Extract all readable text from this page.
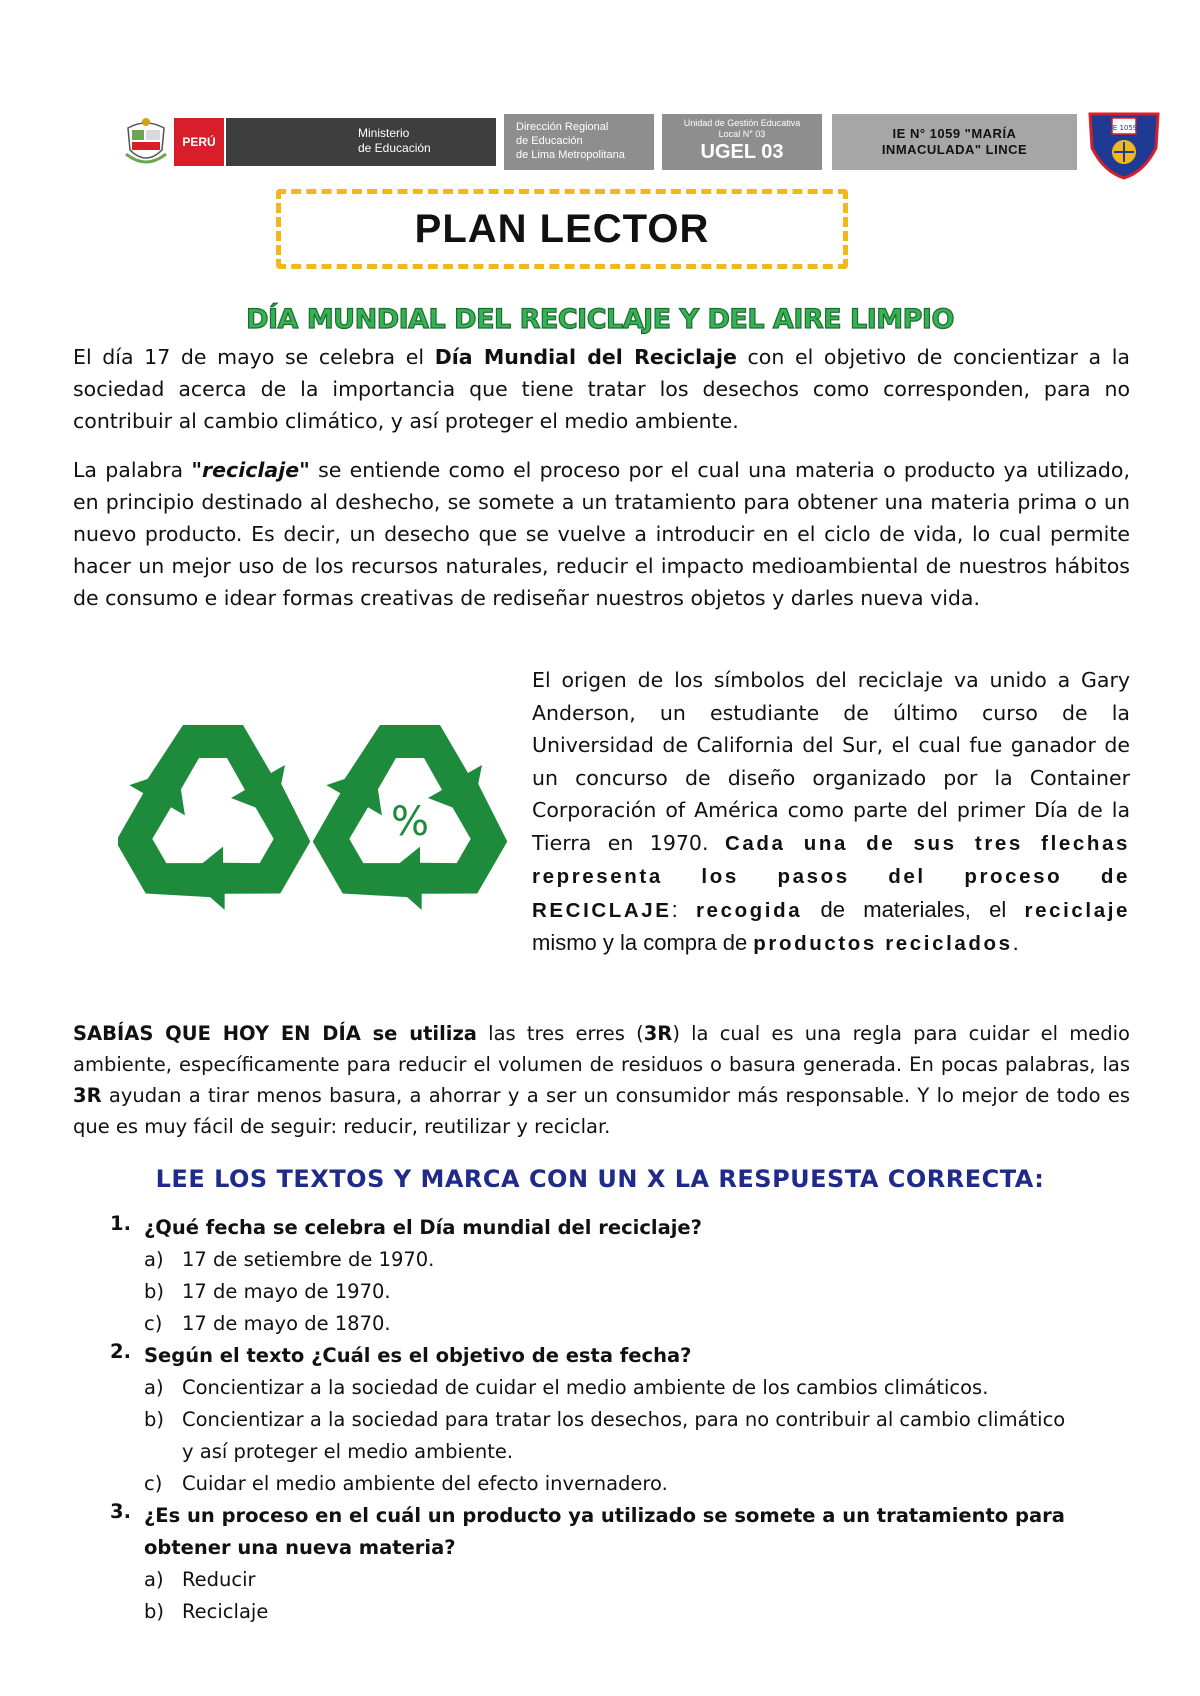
PERÚ
Ministerio
de Educación
Dirección Regional
de Educación
de Lima Metropolitana
Unidad de Gestión Educativa
Local N° 03
UGEL 03
IE N° 1059 "MARÍA
INMACULADA" LINCE
IE 1059
PLAN LECTOR
DÍA MUNDIAL DEL RECICLAJE Y DEL AIRE LIMPIO
El día 17 de mayo se celebra el Día Mundial del Reciclaje con el objetivo de concientizar a la sociedad acerca de la importancia que tiene tratar los desechos como corresponden, para no contribuir al cambio climático, y así proteger el medio ambiente.
La palabra "reciclaje" se entiende como el proceso por el cual una materia o producto ya utilizado, en principio destinado al deshecho, se somete a un tratamiento para obtener una materia prima o un nuevo producto. Es decir, un desecho que se vuelve a introducir en el ciclo de vida, lo cual permite hacer un mejor uso de los recursos naturales, reducir el impacto medioambiental de nuestros hábitos de consumo e idear formas creativas de rediseñar nuestros objetos y darles nueva vida.
%
El origen de los símbolos del reciclaje va unido a Gary Anderson, un estudiante de último curso de la Universidad de California del Sur, el cual fue ganador de un concurso de diseño organizado por la Container Corporación of América como parte del primer Día de la Tierra en 1970. Cada una de sus tres flechas representa los pasos del proceso de RECICLAJE: recogida de materiales, el reciclaje mismo y la compra de productos reciclados.
SABÍAS QUE HOY EN DÍA se utiliza las tres erres (3R) la cual es una regla para cuidar el medio ambiente, específicamente para reducir el volumen de residuos o basura generada. En pocas palabras, las 3R ayudan a tirar menos basura, a ahorrar y a ser un consumidor más responsable. Y lo mejor de todo es que es muy fácil de seguir: reducir, reutilizar y reciclar.
LEE LOS TEXTOS Y MARCA CON UN X LA RESPUESTA CORRECTA:
1. ¿Qué fecha se celebra el Día mundial del reciclaje?
a) 17 de setiembre de 1970.
b) 17 de mayo de 1970.
c) 17 de mayo de 1870.
2. Según el texto ¿Cuál es el objetivo de esta fecha?
a) Concientizar a la sociedad de cuidar el medio ambiente de los cambios climáticos.
b) Concientizar a la sociedad para tratar los desechos, para no contribuir al cambio climático
y así proteger el medio ambiente.
c) Cuidar el medio ambiente del efecto invernadero.
3. ¿Es un proceso en el cuál un producto ya utilizado se somete a un tratamiento para obtener una nueva materia?
a) Reducir
b) Reciclaje
